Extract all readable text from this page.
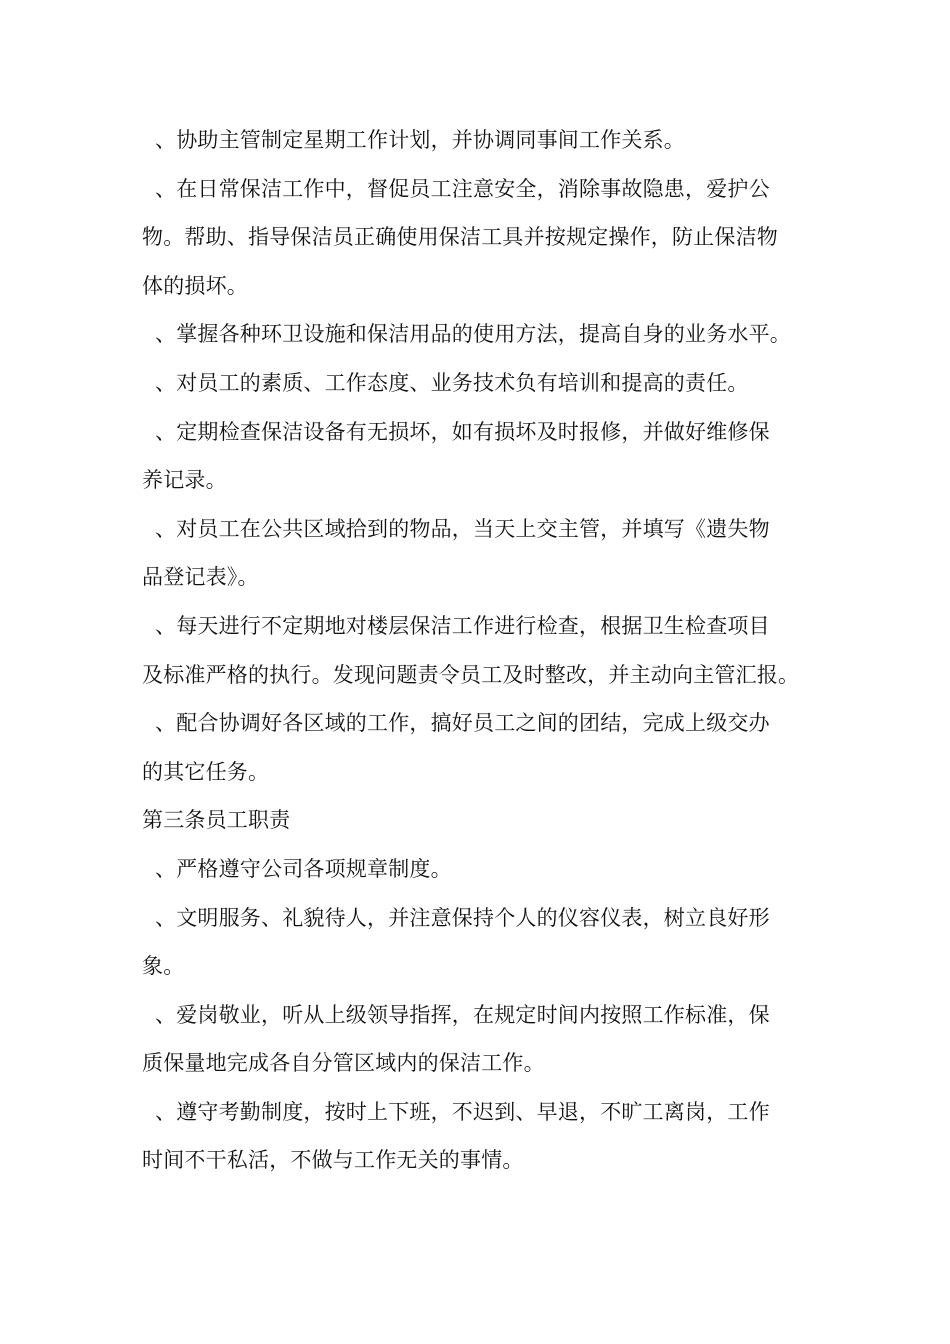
、协助主管制定星期工作计划，并协调同事间工作关系。
、在日常保洁工作中，督促员工注意安全，消除事故隐患，爱护公
物。帮助、指导保洁员正确使用保洁工具并按规定操作，防止保洁物
体的损坏。
、掌握各种环卫设施和保洁用品的使用方法，提高自身的业务水平。
、对员工的素质、工作态度、业务技术负有培训和提高的责任。
、定期检查保洁设备有无损坏，如有损坏及时报修，并做好维修保
养记录。
、对员工在公共区域拾到的物品，当天上交主管，并填写《遗失物
品登记表》。
、每天进行不定期地对楼层保洁工作进行检查，根据卫生检查项目
及标准严格的执行。发现问题责令员工及时整改，并主动向主管汇报。
、配合协调好各区域的工作，搞好员工之间的团结，完成上级交办
的其它任务。
第三条员工职责
、严格遵守公司各项规章制度。
、文明服务、礼貌待人，并注意保持个人的仪容仪表，树立良好形
象。
、爱岗敬业，听从上级领导指挥，在规定时间内按照工作标准，保
质保量地完成各自分管区域内的保洁工作。
、遵守考勤制度，按时上下班，不迟到、早退，不旷工离岗，工作
时间不干私活，不做与工作无关的事情。
